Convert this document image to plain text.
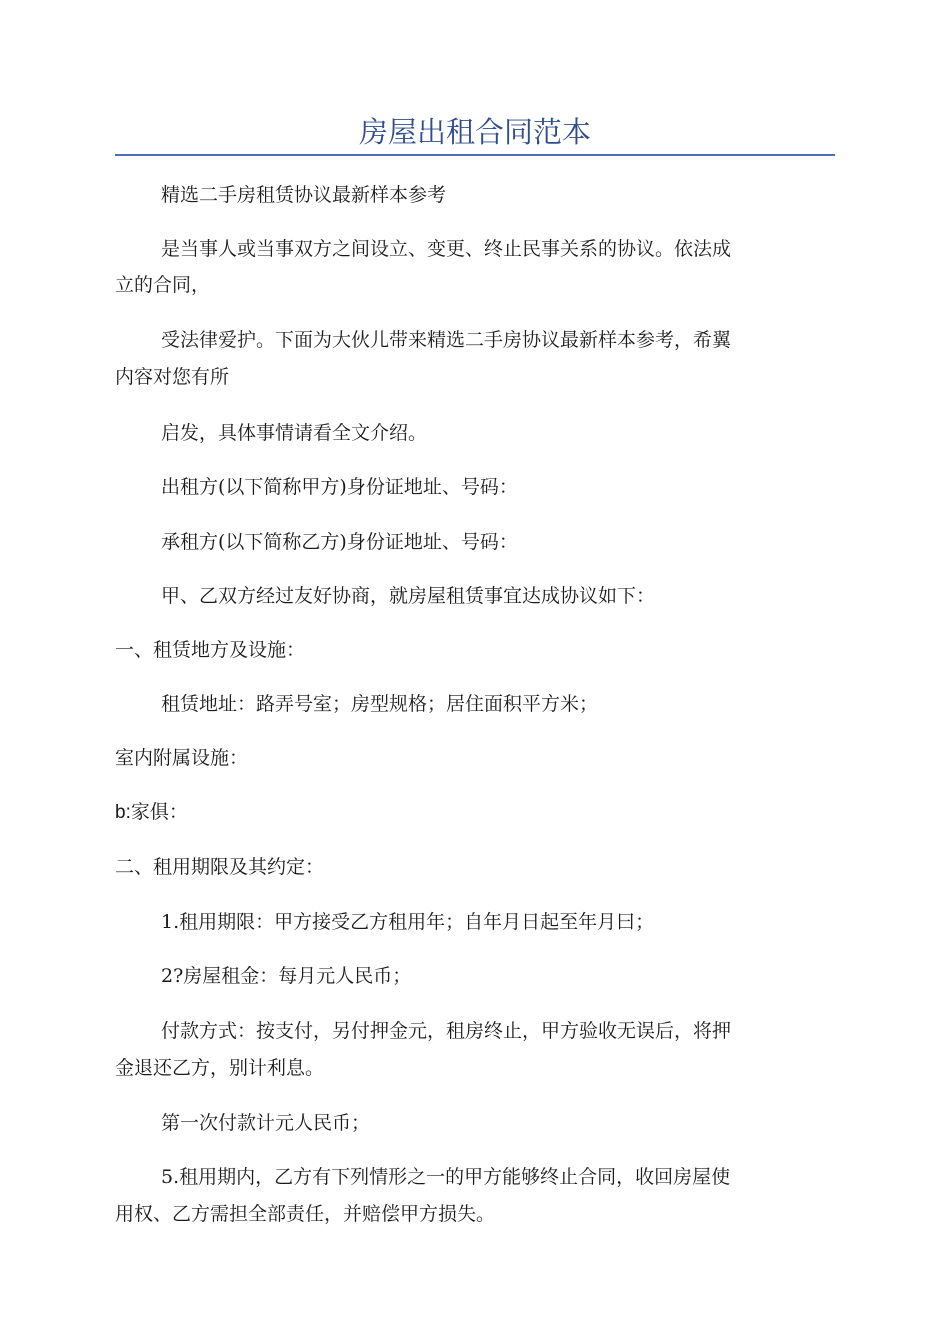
房屋出租合同范本
精选二手房租赁协议最新样本参考
是当事人或当事双方之间设立、变更、终止民事关系的协议。依法成
立的合同，
受法律爱护。下面为大伙儿带来精选二手房协议最新样本参考，希翼
内容对您有所
启发，具体事情请看全文介绍。
出租方(以下简称甲方)身份证地址、号码：
承租方(以下简称乙方)身份证地址、号码：
甲、乙双方经过友好协商，就房屋租赁事宜达成协议如下：
一、租赁地方及设施：
租赁地址：路弄号室；房型规格；居住面积平方米；
室内附属设施：
b:家俱：
二、租用期限及其约定：
1.租用期限：甲方接受乙方租用年；自年月日起至年月曰；
2?房屋租金：每月元人民币；
付款方式：按支付，另付押金元，租房终止，甲方验收无误后，将押
金退还乙方，别计利息。
第一次付款计元人民币；
5.租用期内，乙方有下列情形之一的甲方能够终止合同，收回房屋使
用权、乙方需担全部责任，并赔偿甲方损失。
